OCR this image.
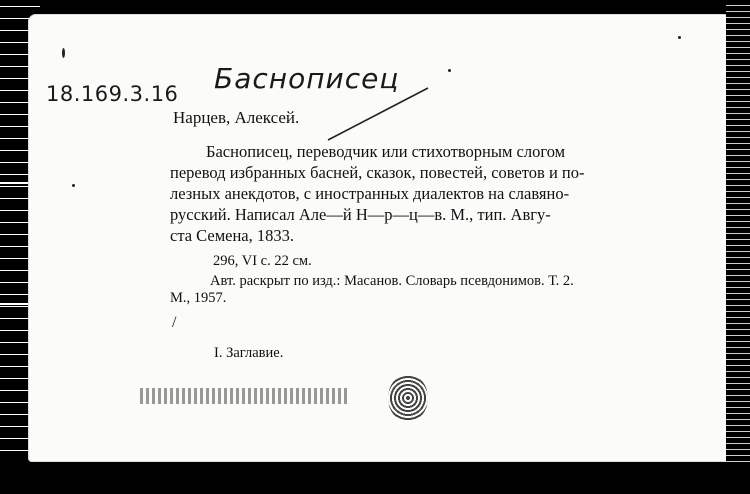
Баснописец
18.169.3.16
Нарцев, Алексей.
Баснописец, переводчик или стихотворным слогом
перевод избранных басней, сказок, повестей, советов и по-
лезных анекдотов, с иностранных диалектов на славяно-
русский. Написал Але—й Н—р—ц—в. М., тип. Авгу-
ста Семена, 1833.
296, VI с. 22 см.
Авт. раскрыт по изд.: Масанов. Словарь псевдонимов. Т. 2.
М., 1957.
/
I. Заглавие.
